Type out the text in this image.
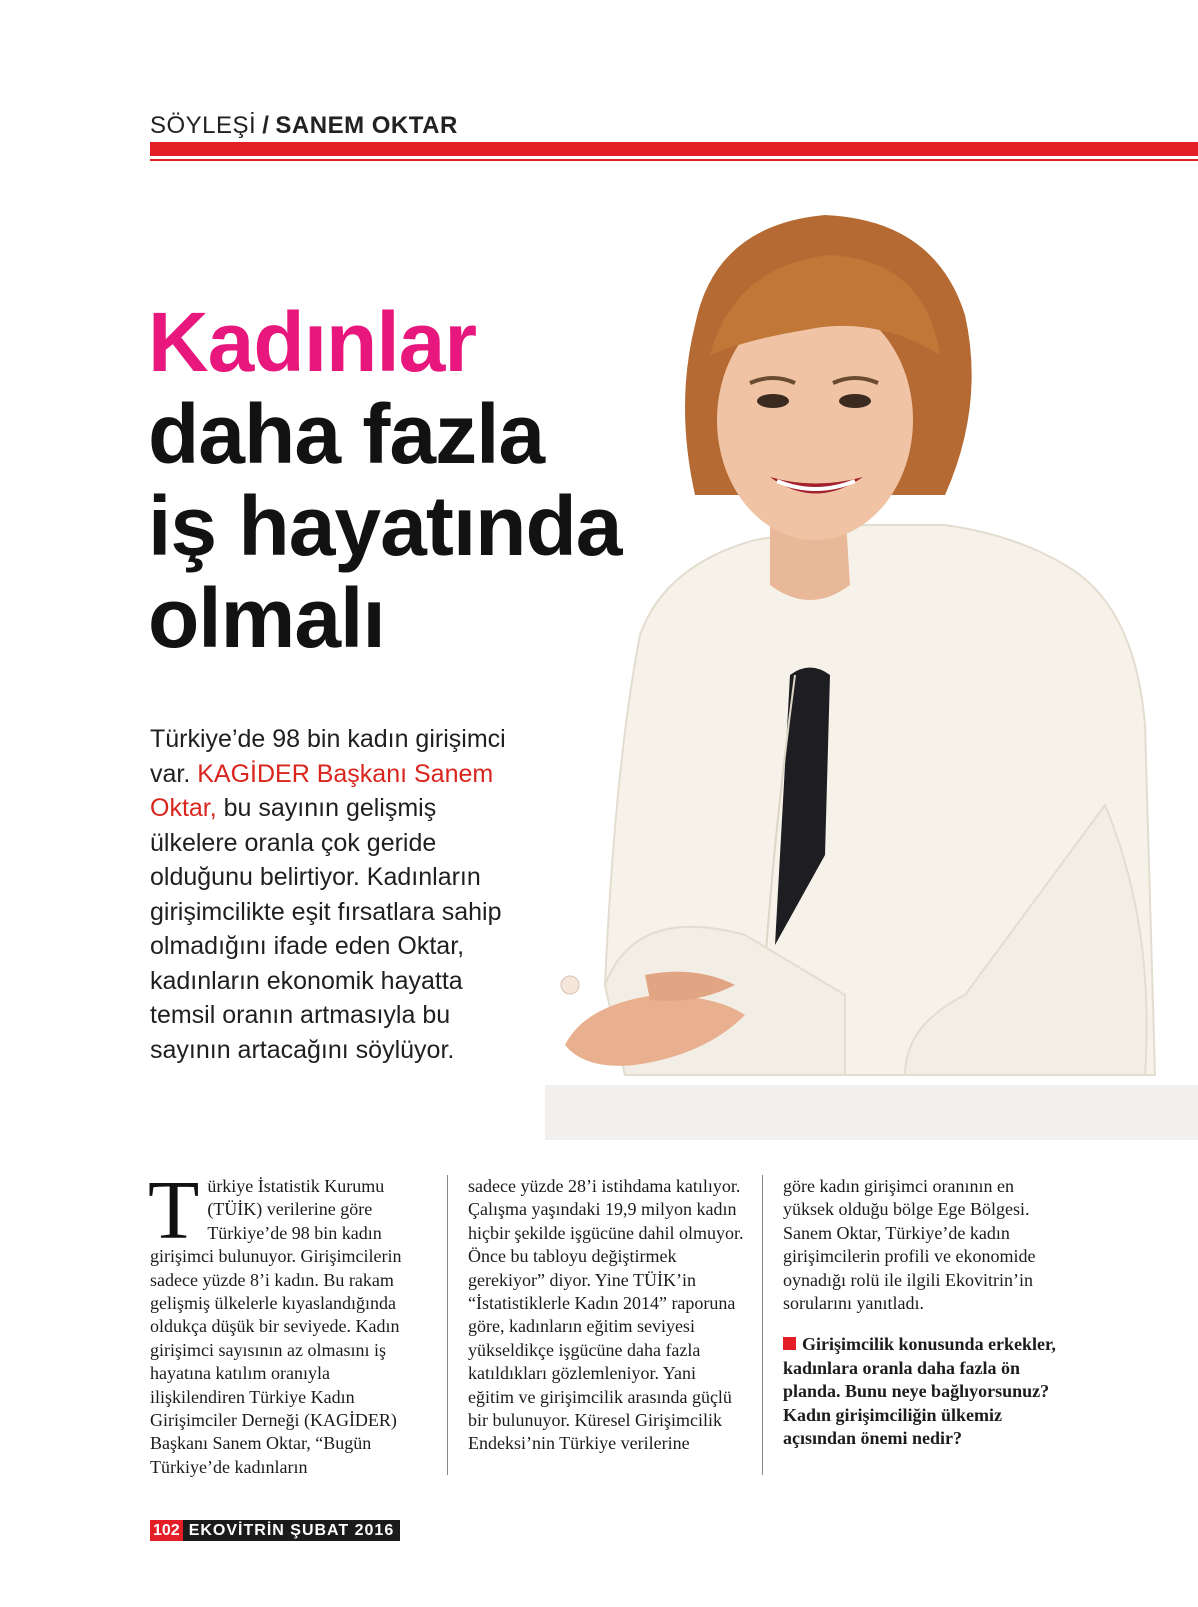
SÖYLEŞİ / SANEM OKTAR
Kadınlar
daha fazla
iş hayatında
olmalı

Türkiye’de 98 bin kadın girişimci var. KAGİDER Başkanı Sanem Oktar, bu sayının gelişmiş ülkelere oranla çok geride olduğunu belirtiyor. Kadınların girişimcilikte eşit fırsatlara sahip olmadığını ifade eden Oktar, kadınların ekonomik hayatta temsil oranın artmasıyla bu sayının artacağını söylüyor.

Türkiye İstatistik Kurumu (TÜİK) verilerine göre Türkiye’de 98 bin kadın girişimci bulunuyor. Girişimcilerin sadece yüzde 8’i kadın. Bu rakam gelişmiş ülkelerle kıyaslandığında oldukça düşük bir seviyede. Kadın girişimci sayısının az olmasını iş hayatına katılım oranıyla ilişkilendiren Türkiye Kadın Girişimciler Derneği (KAGİDER) Başkanı Sanem Oktar, “Bugün Türkiye’de kadınların

sadece yüzde 28’i istihdama katılıyor. Çalışma yaşındaki 19,9 milyon kadın hiçbir şekilde işgücüne dahil olmuyor. Önce bu tabloyu değiştirmek gerekiyor” diyor. Yine TÜİK’in “İstatistiklerle Kadın 2014” raporuna göre, kadınların eğitim seviyesi yükseldikçe işgücüne daha fazla katıldıkları gözlemleniyor. Yani eğitim ve girişimcilik arasında güçlü bir bulunuyor. Küresel Girişimcilik Endeksi’nin Türkiye verilerine

göre kadın girişimci oranının en yüksek olduğu bölge Ege Bölgesi. Sanem Oktar, Türkiye’de kadın girişimcilerin profili ve ekonomide oynadığı rolü ile ilgili Ekovitrin’in sorularını yanıtladı.
Girişimcilik konusunda erkekler, kadınlara oranla daha fazla ön planda. Bunu neye bağlıyorsunuz? Kadın girişimciliğin ülkemiz açısından önemi nedir?
102 EKOVİTRİN ŞUBAT 2016
